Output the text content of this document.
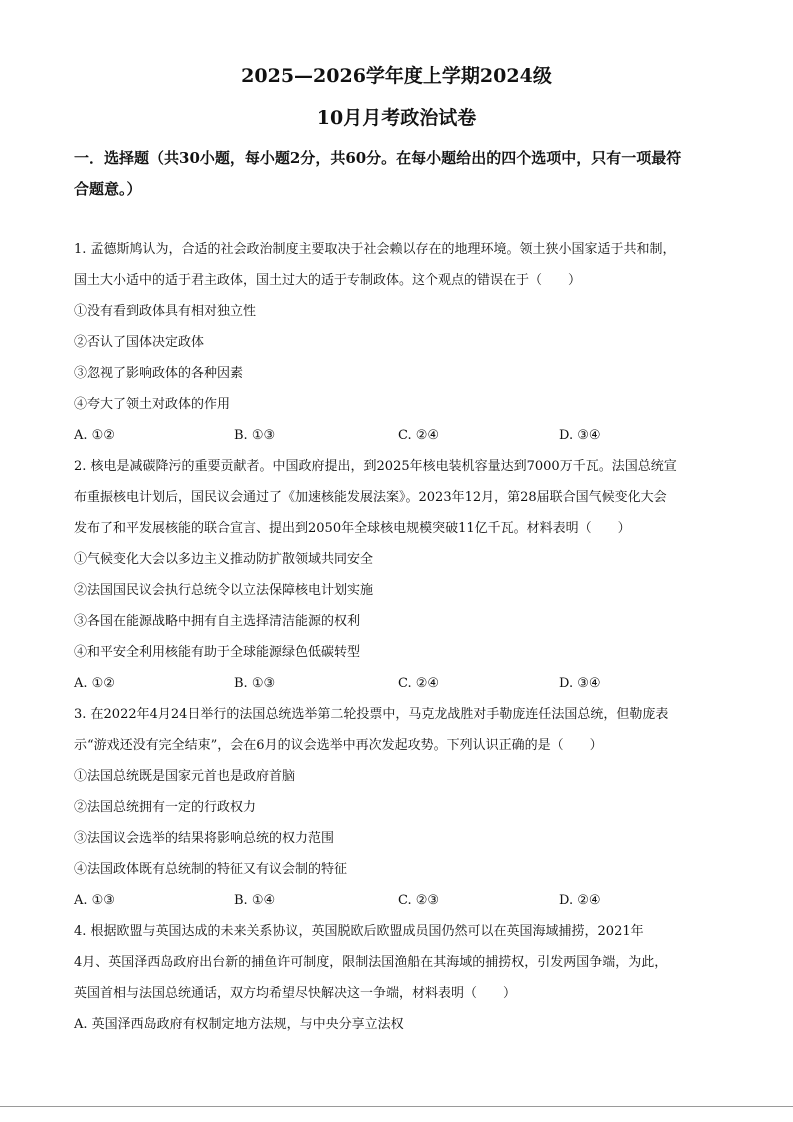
2025—2026学年度上学期2024级
10月月考政治试卷
一．选择题（共30小题，每小题2分，共60分。在每小题给出的四个选项中，只有一项最符
合题意。）
1. 孟德斯鸠认为，合适的社会政治制度主要取决于社会赖以存在的地理环境。领土狭小国家适于共和制，
国土大小适中的适于君主政体，国土过大的适于专制政体。这个观点的错误在于（　　）
①没有看到政体具有相对独立性
②否认了国体决定政体
③忽视了影响政体的各种因素
④夸大了领土对政体的作用
A. ①②	B. ①③	C. ②④	D. ③④
2. 核电是减碳降污的重要贡献者。中国政府提出，到2025年核电装机容量达到7000万千瓦。法国总统宣
布重振核电计划后，国民议会通过了《加速核能发展法案》。2023年12月，第28届联合国气候变化大会
发布了和平发展核能的联合宣言、提出到2050年全球核电规模突破11亿千瓦。材料表明（　　）
①气候变化大会以多边主义推动防扩散领域共同安全
②法国国民议会执行总统令以立法保障核电计划实施
③各国在能源战略中拥有自主选择清洁能源的权利
④和平安全利用核能有助于全球能源绿色低碳转型
A. ①②	B. ①③	C. ②④	D. ③④
3. 在2022年4月24日举行的法国总统选举第二轮投票中，马克龙战胜对手勒庞连任法国总统，但勒庞表
示“游戏还没有完全结束”，会在6月的议会选举中再次发起攻势。下列认识正确的是（　　）
①法国总统既是国家元首也是政府首脑
②法国总统拥有一定的行政权力
③法国议会选举的结果将影响总统的权力范围
④法国政体既有总统制的特征又有议会制的特征
A. ①③	B. ①④	C. ②③	D. ②④
4. 根据欧盟与英国达成的未来关系协议，英国脱欧后欧盟成员国仍然可以在英国海域捕捞，2021年
4月、英国泽西岛政府出台新的捕鱼许可制度，限制法国渔船在其海域的捕捞权，引发两国争端，为此，
英国首相与法国总统通话，双方均希望尽快解决这一争端，材料表明（　　）
A. 英国泽西岛政府有权制定地方法规，与中央分享立法权
